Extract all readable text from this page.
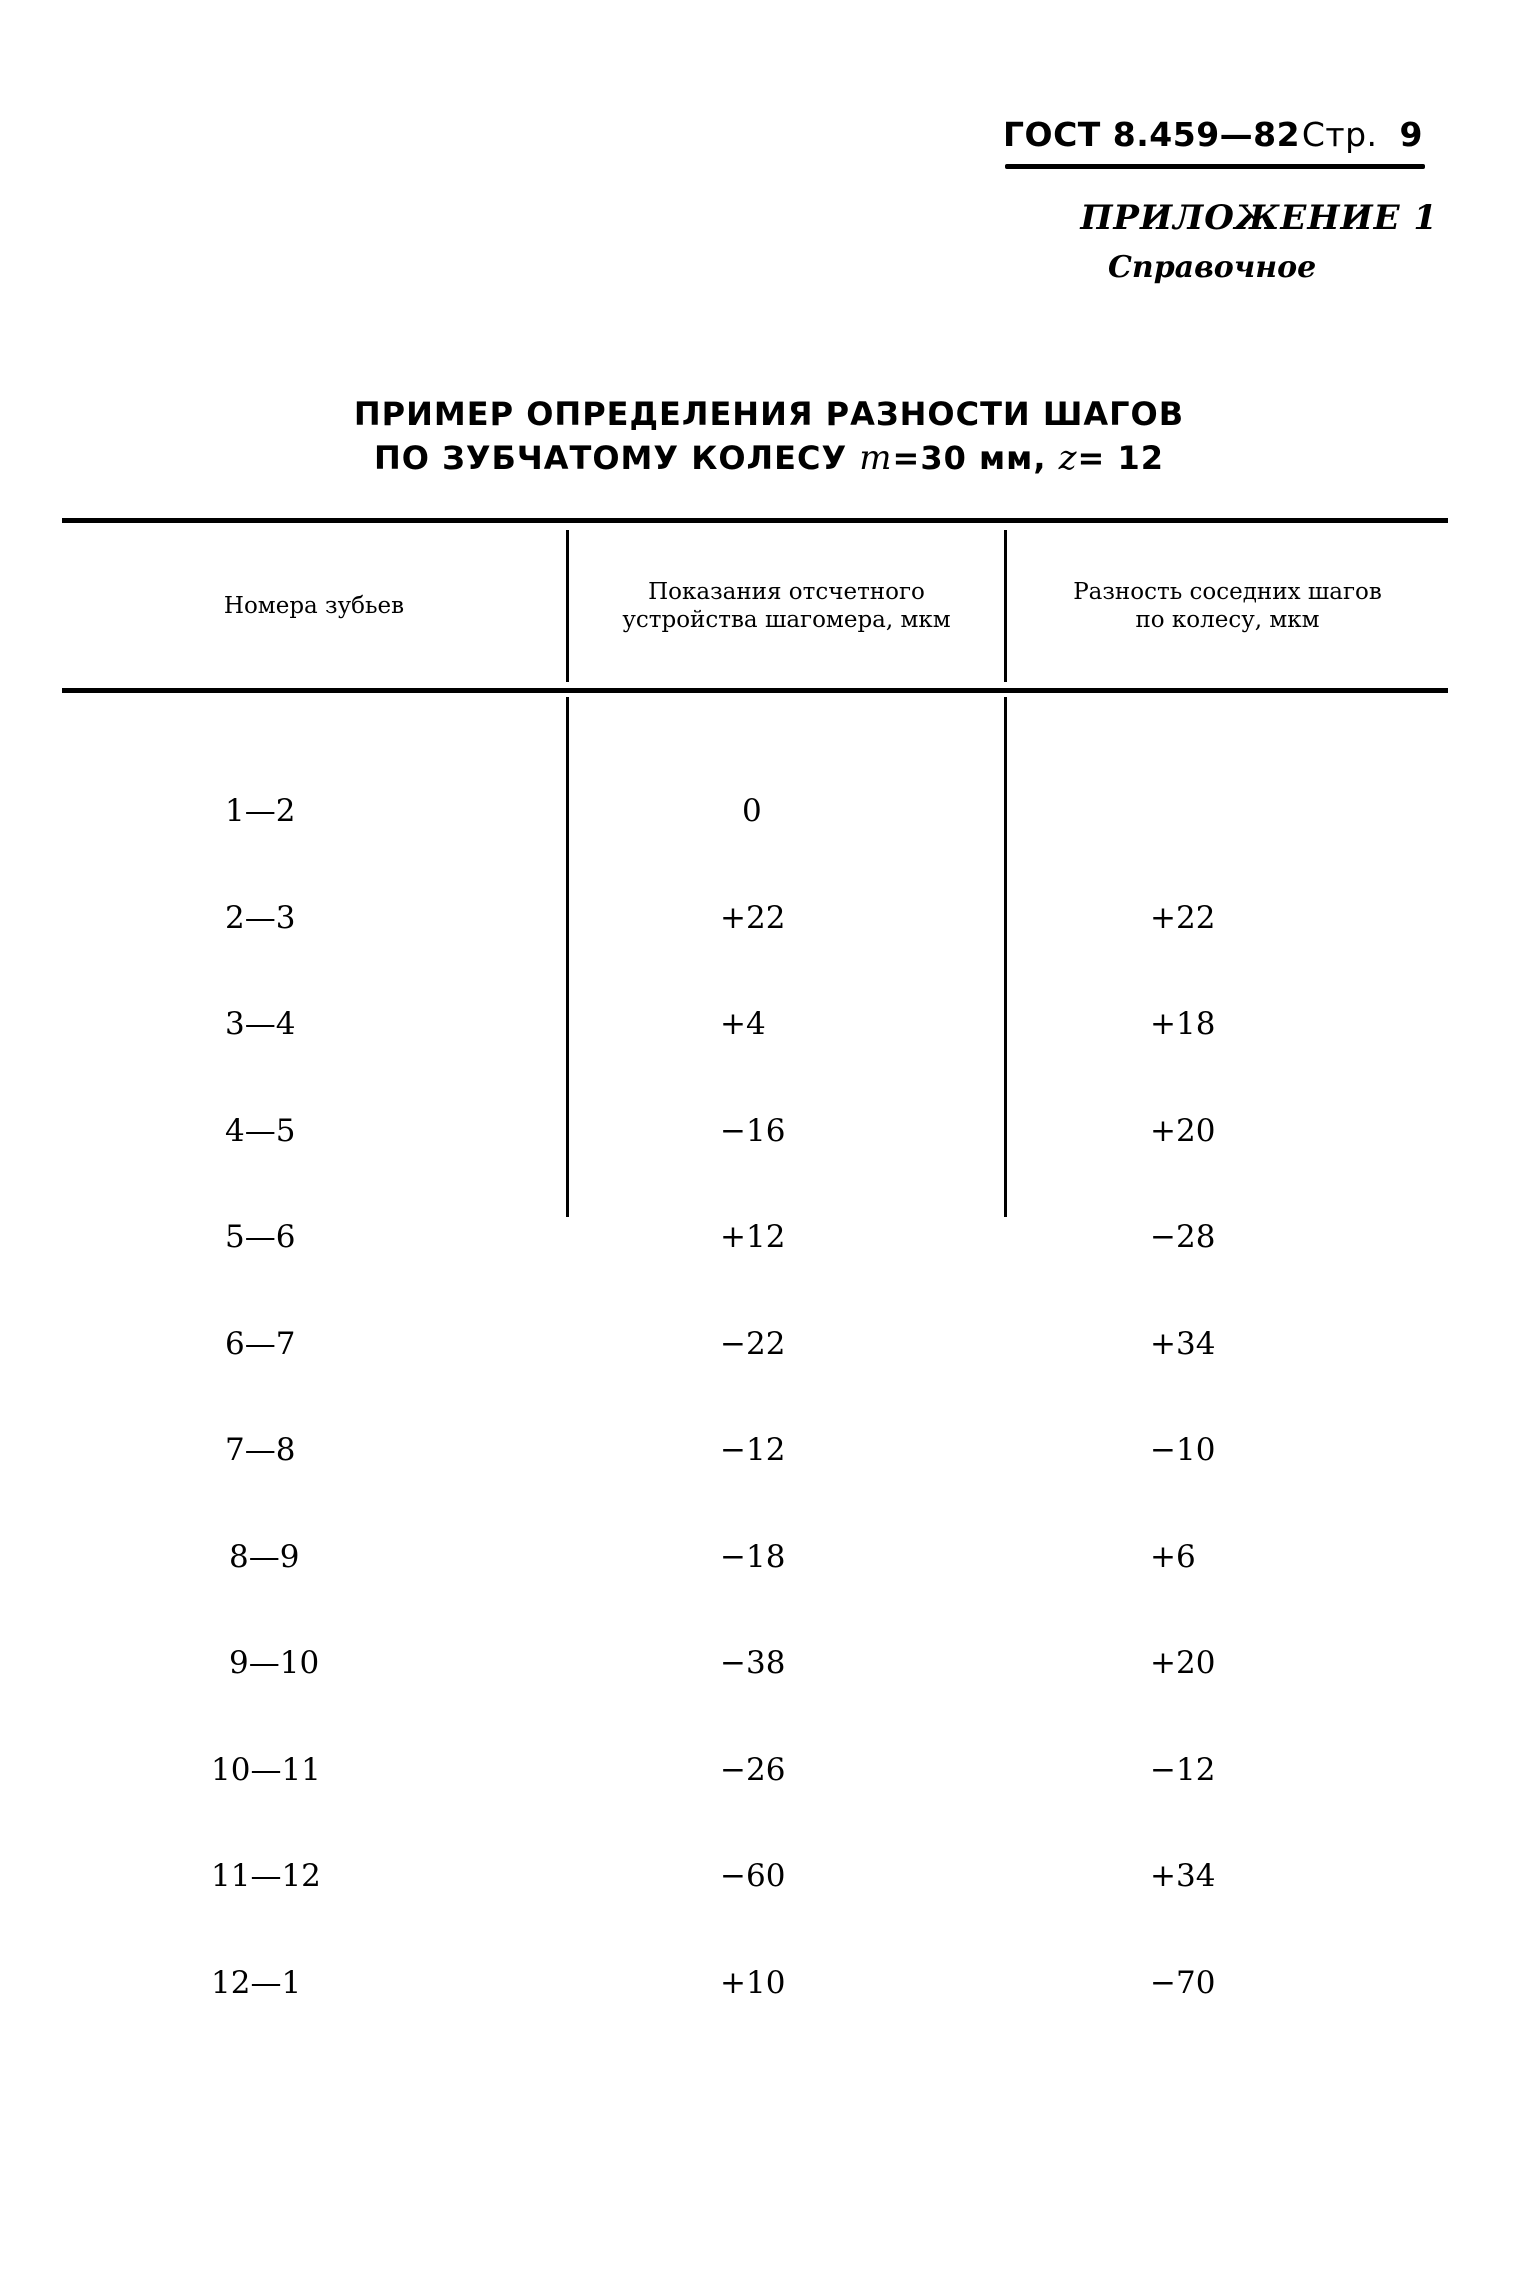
ГОСТ 8.459—82 Стр. 9
ПРИЛОЖЕНИЕ 1
Справочное
ПРИМЕР ОПРЕДЕЛЕНИЯ РАЗНОСТИ ШАГОВ
ПО ЗУБЧАТОМУ КОЛЕСУ m=30 мм, z= 12
Номера зубьев
Показания отсчетного
устройства шагомера, мкм
Разность соседних шагов
по колесу, мкм

1—2

2—3

3—4

4—5

5—6

6—7

7—8

8—9

9—10

10—11

11—12

12—1

0

+22

+4

−16

+12

−22

−12

−18

−38

−26

−60

+10

+22

+18

+20

−28

+34

−10

+6

+20

−12

+34

−70
